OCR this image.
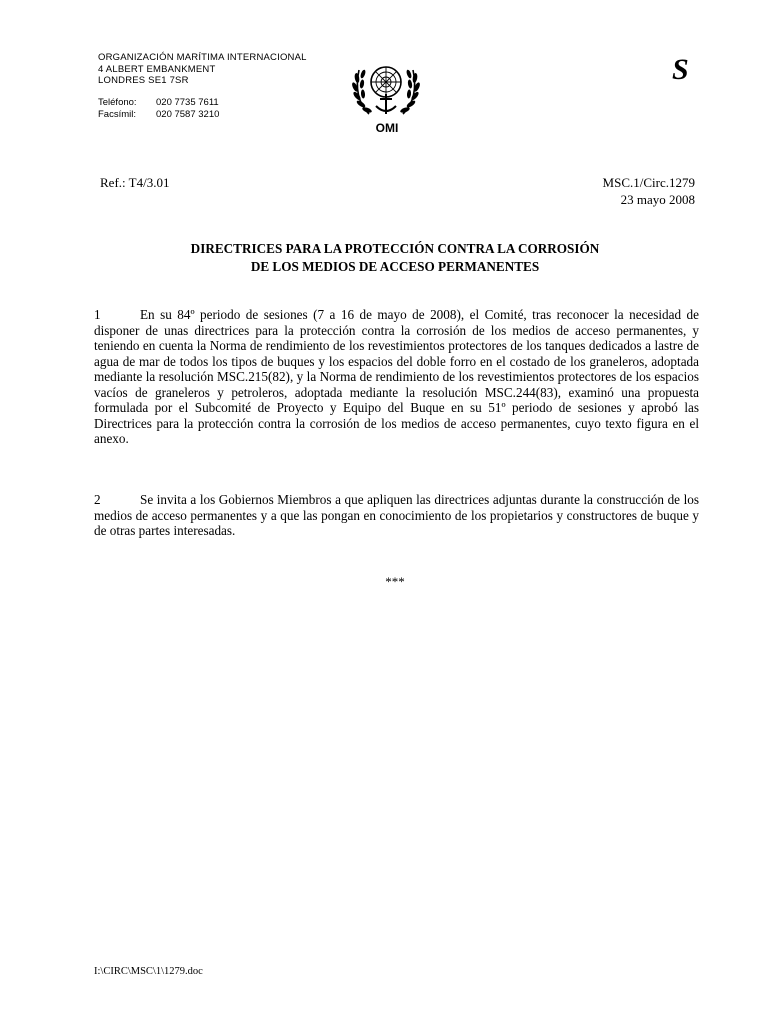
ORGANIZACIÓN MARÍTIMA INTERNACIONAL
4 ALBERT EMBANKMENT
LONDRES SE1 7SR
Teléfono:	020 7735 7611
Facsímil:	020 7587 3210
OMI
S
Ref.: T4/3.01	MSC.1/Circ.1279
23 mayo 2008
DIRECTRICES PARA LA PROTECCIÓN CONTRA LA CORROSIÓN
DE LOS MEDIOS DE ACCESO PERMANENTES
1	En su 84º periodo de sesiones (7 a 16 de mayo de 2008), el Comité, tras reconocer la necesidad de disponer de unas directrices para la protección contra la corrosión de los medios de acceso permanentes, y teniendo en cuenta la Norma de rendimiento de los revestimientos protectores de los tanques dedicados a lastre de agua de mar de todos los tipos de buques y los espacios del doble forro en el costado de los graneleros, adoptada mediante la resolución MSC.215(82), y la Norma de rendimiento de los revestimientos protectores de los espacios vacíos de graneleros y petroleros, adoptada mediante la resolución MSC.244(83), examinó una propuesta formulada por el Subcomité de Proyecto y Equipo del Buque en su 51º periodo de sesiones y aprobó las Directrices para la protección contra la corrosión de los medios de acceso permanentes, cuyo texto figura en el anexo.
2	Se invita a los Gobiernos Miembros a que apliquen las directrices adjuntas durante la construcción de los medios de acceso permanentes y a que las pongan en conocimiento de los propietarios y constructores de buque y de otras partes interesadas.
***
I:\CIRC\MSC\1\1279.doc
